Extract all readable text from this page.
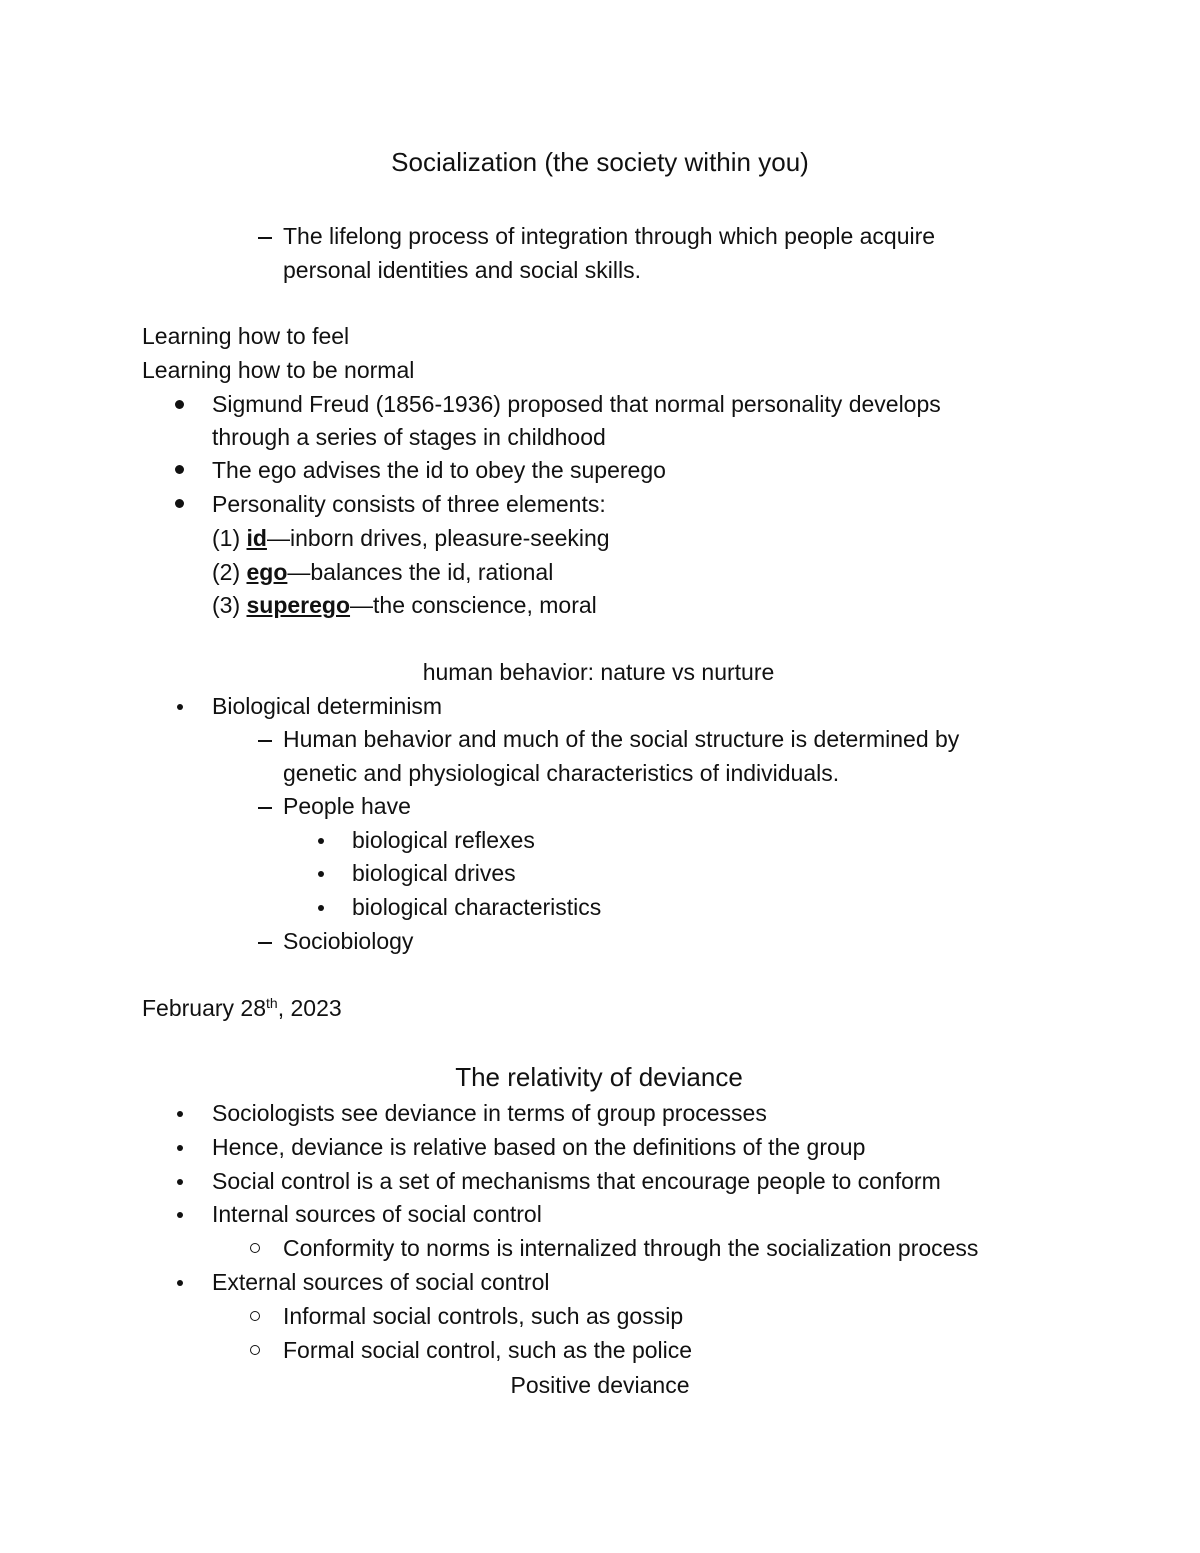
Socialization (the society within you)
The lifelong process of integration through which people acquire
personal identities and social skills.
Learning how to feel
Learning how to be normal
Sigmund Freud (1856-1936) proposed that normal personality develops
through a series of stages in childhood
The ego advises the id to obey the superego
Personality consists of three elements:
(1) id—inborn drives, pleasure-seeking
(2) ego—balances the id, rational
(3) superego—the conscience, moral
human behavior: nature vs nurture
Biological determinism
Human behavior and much of the social structure is determined by
genetic and physiological characteristics of individuals.
People have
biological reflexes
biological drives
biological characteristics
Sociobiology
February 28th, 2023
The relativity of deviance
Sociologists see deviance in terms of group processes
Hence, deviance is relative based on the definitions of the group
Social control is a set of mechanisms that encourage people to conform
Internal sources of social control
Conformity to norms is internalized through the socialization process
External sources of social control
Informal social controls, such as gossip
Formal social control, such as the police
Positive deviance
